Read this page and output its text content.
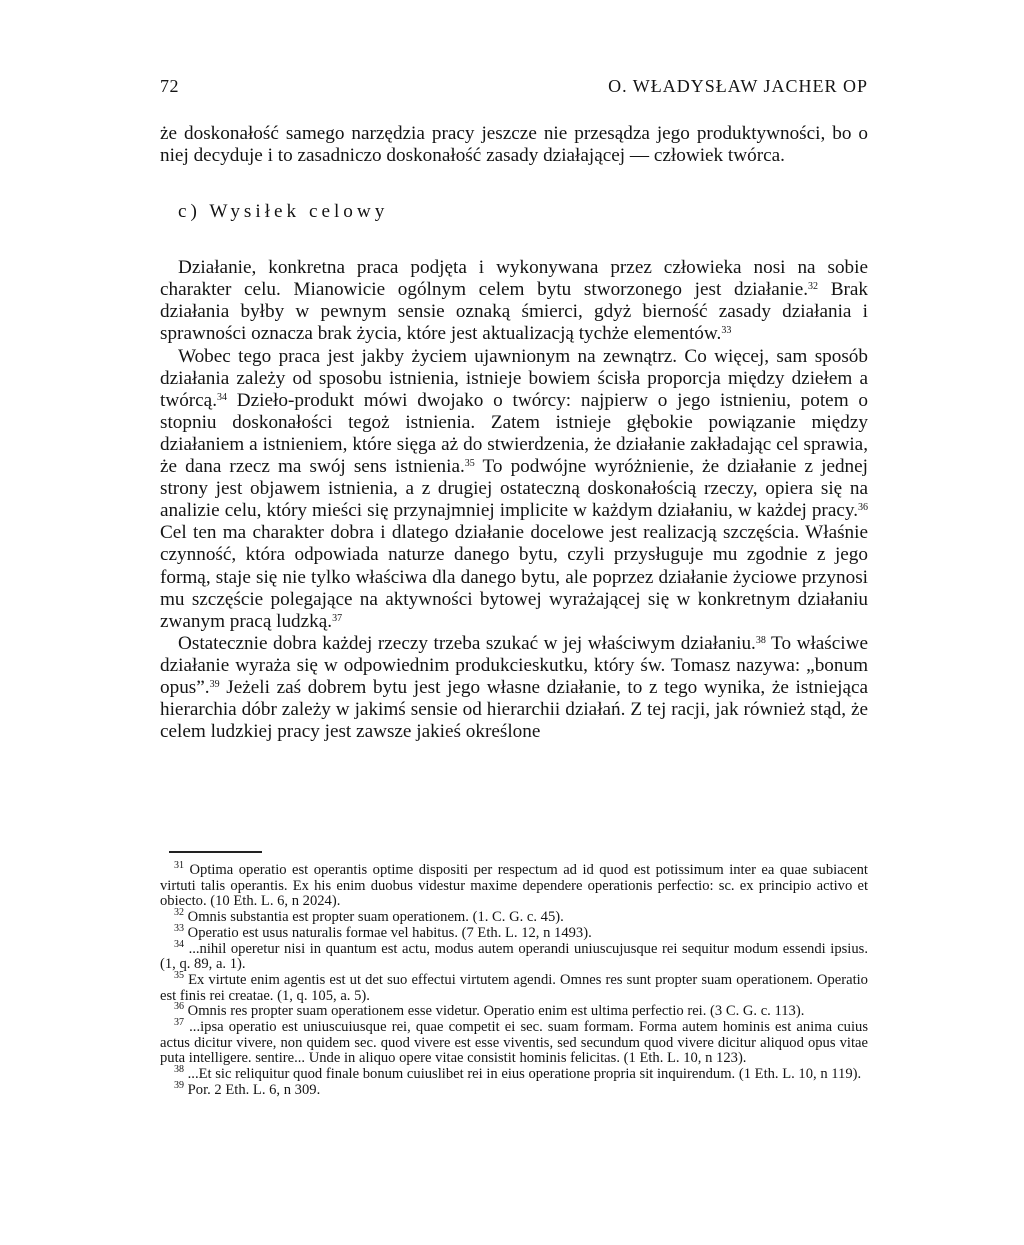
72	O. WŁADYSŁAW JACHER OP

że doskonałość samego narzędzia pracy jeszcze nie przesądza jego produktywności, bo o niej decyduje i to zasadniczo doskonałość zasady działającej — człowiek twórca.

c) Wysiłek celowy

Działanie, konkretna praca podjęta i wykonywana przez człowieka nosi na sobie charakter celu. Mianowicie ogólnym celem bytu stworzonego jest działanie.$^{32}$ Brak działania byłby w pewnym sensie oznaką śmierci, gdyż bierność zasady działania i sprawności oznacza brak życia, które jest aktualizacją tychże elementów.$^{33}$

Wobec tego praca jest jakby życiem ujawnionym na zewnątrz. Co więcej, sam sposób działania zależy od sposobu istnienia, istnieje bowiem ścisła proporcja między dziełem a twórcą.$^{34}$ Dzieło-produkt mówi dwojako o twórcy: najpierw o jego istnieniu, potem o stopniu doskonałości tegoż istnienia. Zatem istnieje głębokie powiązanie między działaniem a istnieniem, które sięga aż do stwierdzenia, że działanie zakładając cel sprawia, że dana rzecz ma swój sens istnienia.$^{35}$ To podwójne wyróżnienie, że działanie z jednej strony jest objawem istnienia, a z drugiej ostateczną doskonałością rzeczy, opiera się na analizie celu, który mieści się przynajmniej implicite w każdym działaniu, w każdej pracy.$^{36}$ Cel ten ma charakter dobra i dlatego działanie docelowe jest realizacją szczęścia. Właśnie czynność, która odpowiada naturze danego bytu, czyli przysługuje mu zgodnie z jego formą, staje się nie tylko właściwa dla danego bytu, ale poprzez działanie życiowe przynosi mu szczęście polegające na aktywności bytowej wyrażającej się w konkretnym działaniu zwanym pracą ludzką.$^{37}$

Ostatecznie dobra każdej rzeczy trzeba szukać w jej właściwym działaniu.$^{38}$ To właściwe działanie wyraża się w odpowiednim produkcieskutku, który św. Tomasz nazywa: „bonum opus”.$^{39}$ Jeżeli zaś dobrem bytu jest jego własne działanie, to z tego wynika, że istniejąca hierarchia dóbr zależy w jakimś sensie od hierarchii działań. Z tej racji, jak również stąd, że celem ludzkiej pracy jest zawsze jakieś określone

$^{31}$ Optima operatio est operantis optime dispositi per respectum ad id quod est potissimum inter ea quae subiacent virtuti talis operantis. Ex his enim duobus videstur maxime dependere operationis perfectio: sc. ex principio activo et obiecto. (10 Eth. L. 6, n 2024).

$^{32}$ Omnis substantia est propter suam operationem. (1. C. G. c. 45).

$^{33}$ Operatio est usus naturalis formae vel habitus. (7 Eth. L. 12, n 1493).

$^{34}$ ...nihil operetur nisi in quantum est actu, modus autem operandi uniuscujusque rei sequitur modum essendi ipsius. (1, q. 89, a. 1).

$^{35}$ Ex virtute enim agentis est ut det suo effectui virtutem agendi. Omnes res sunt propter suam operationem. Operatio est finis rei creatae. (1, q. 105, a. 5).

$^{36}$ Omnis res propter suam operationem esse videtur. Operatio enim est ultima perfectio rei. (3 C. G. c. 113).

$^{37}$ ...ipsa operatio est uniuscuiusque rei, quae competit ei sec. suam formam. Forma autem hominis est anima cuius actus dicitur vivere, non quidem sec. quod vivere est esse viventis, sed secundum quod vivere dicitur aliquod opus vitae puta intelligere. sentire... Unde in aliquo opere vitae consistit hominis felicitas. (1 Eth. L. 10, n 123).

$^{38}$ ...Et sic reliquitur quod finale bonum cuiuslibet rei in eius operatione propria sit inquirendum. (1 Eth. L. 10, n 119).

$^{39}$ Por. 2 Eth. L. 6, n 309.
